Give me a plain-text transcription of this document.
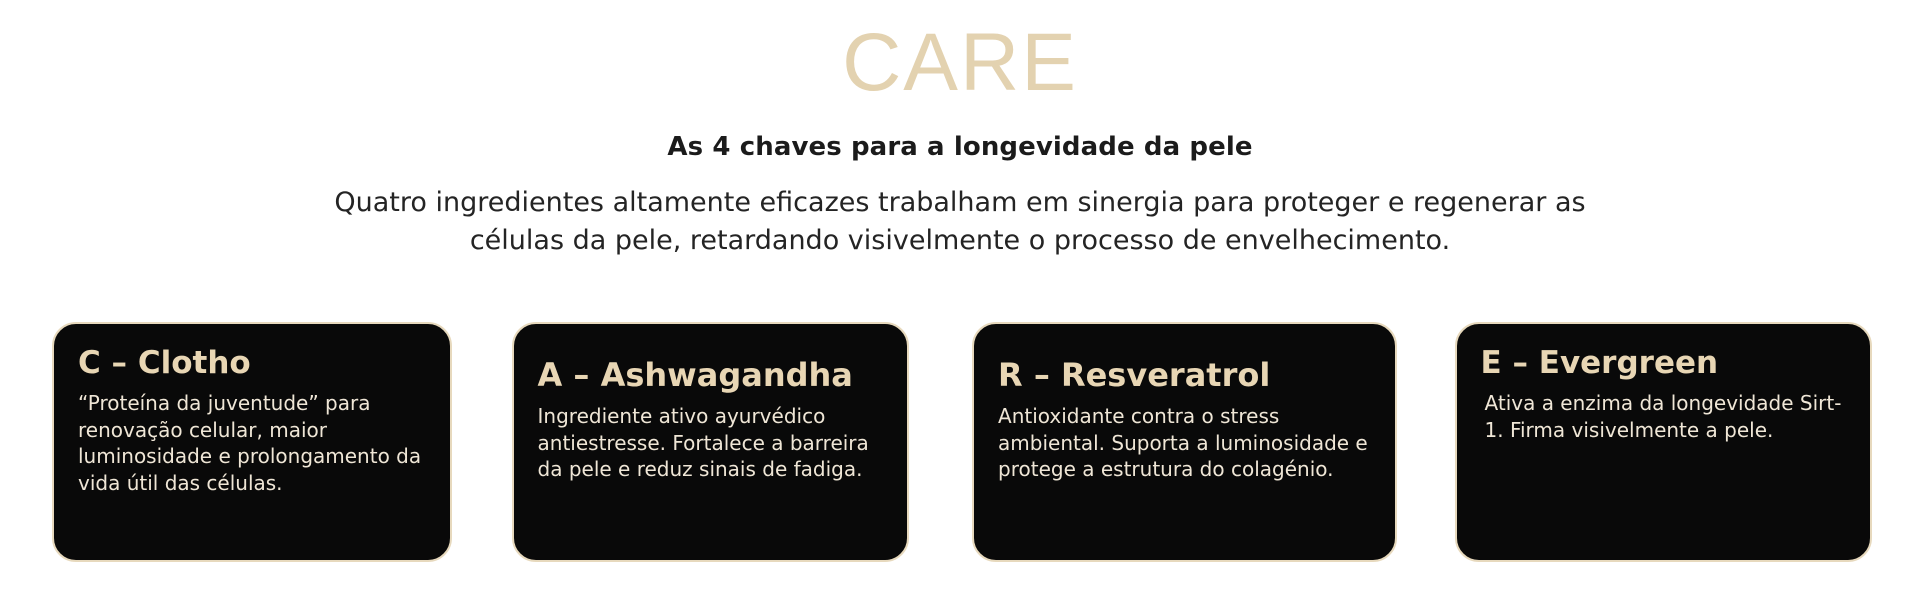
CARE
As 4 chaves para a longevidade da pele
Quatro ingredientes altamente eficazes trabalham em sinergia para proteger e regenerar as
células da pele, retardando visivelmente o processo de envelhecimento.
C – Clotho
“Proteína da juventude” para renovação celular, maior luminosidade e prolongamento da vida útil das células.
A – Ashwagandha
Ingrediente ativo ayurvédico antiestresse. Fortalece a barreira da pele e reduz sinais de fadiga.
R – Resveratrol
Antioxidante contra o stress ambiental. Suporta a luminosidade e protege a estrutura do colagénio.
E – Evergreen
Ativa a enzima da longevidade Sirt-1. Firma visivelmente a pele.
